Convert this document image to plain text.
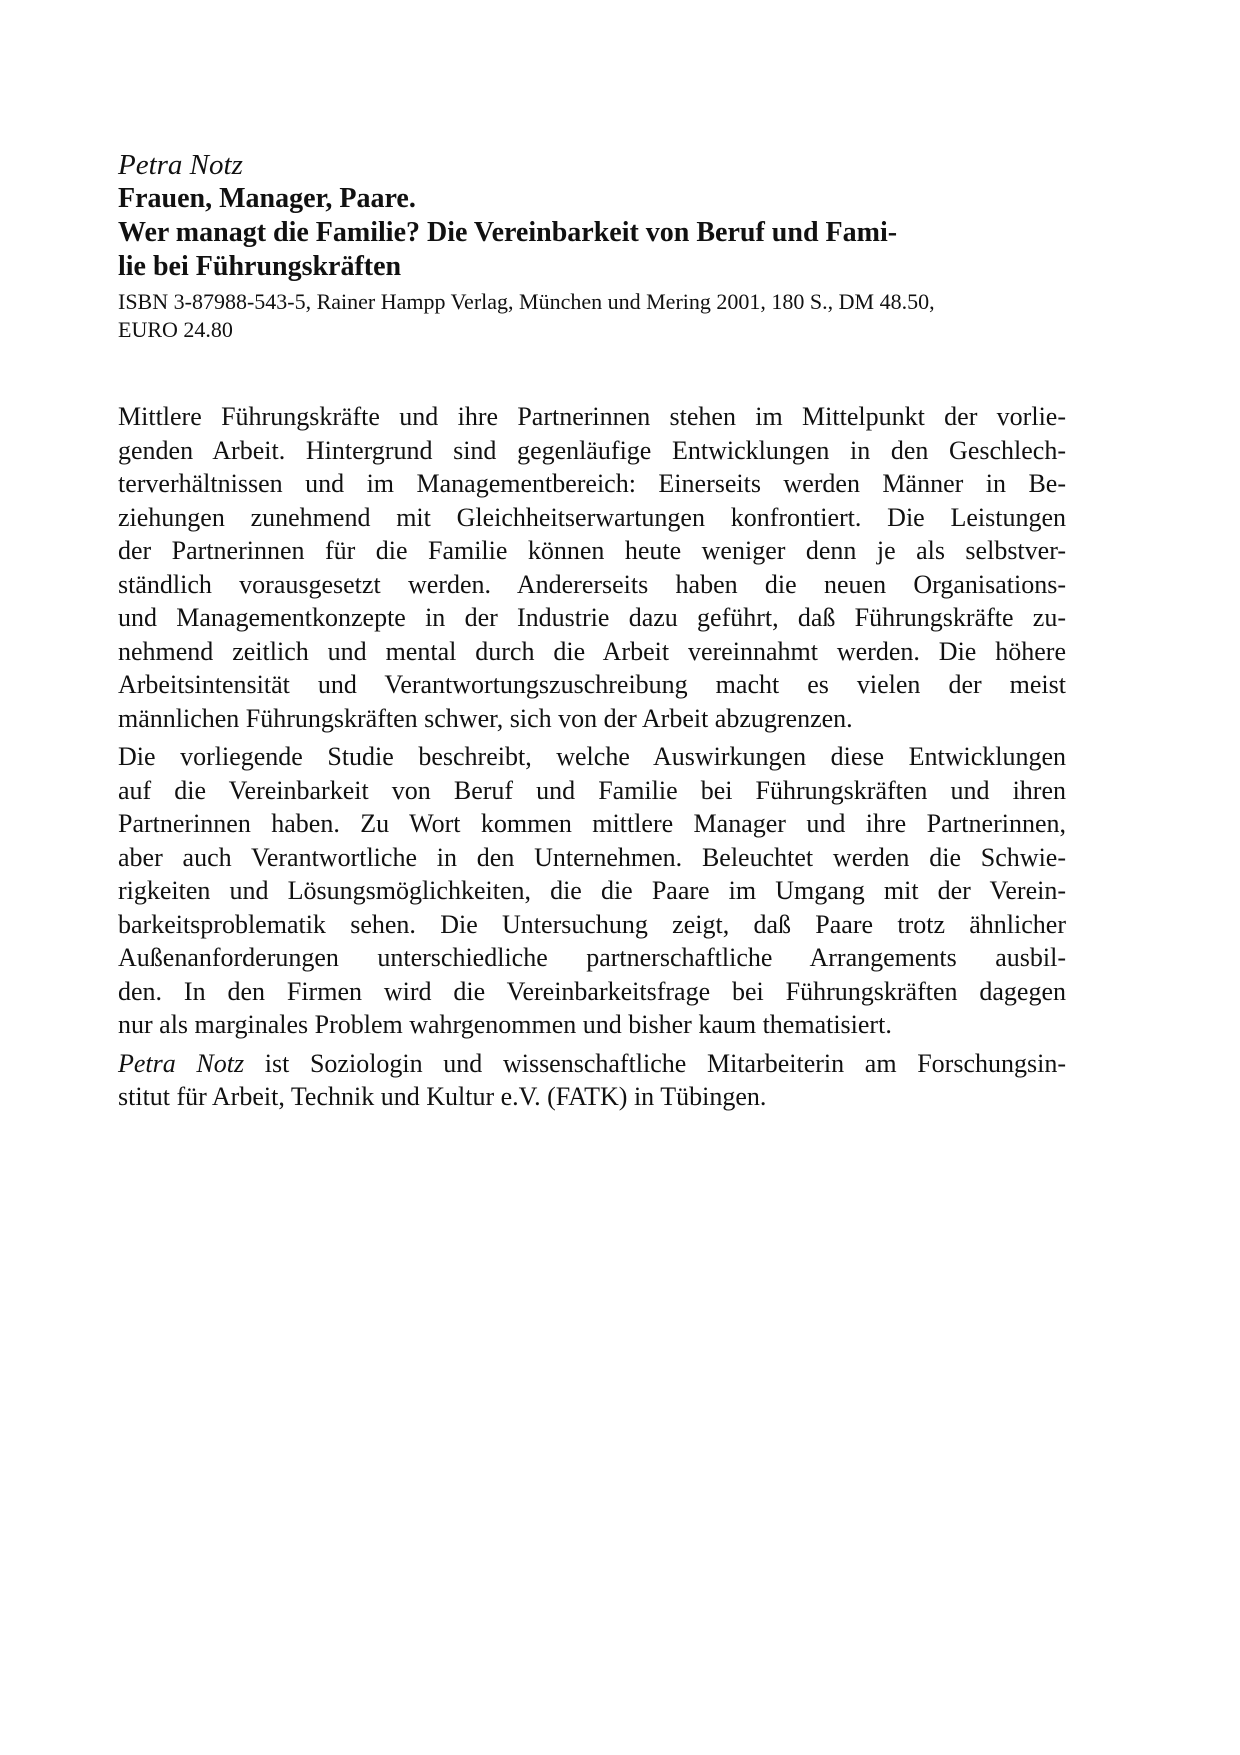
Petra Notz

Frauen, Manager, Paare.

Wer managt die Familie? Die Vereinbarkeit von Beruf und Fami-
lie bei Führungskräften

ISBN 3-87988-543-5, Rainer Hampp Verlag, München und Mering 2001, 180 S., DM 48.50,
EURO 24.80

Mittlere Führungskräfte und ihre Partnerinnen stehen im Mittelpunkt der vorlie-
genden Arbeit. Hintergrund sind gegenläufige Entwicklungen in den Geschlech-
terverhältnissen und im Managementbereich: Einerseits werden Männer in Be-
ziehungen zunehmend mit Gleichheitserwartungen konfrontiert. Die Leistungen
der Partnerinnen für die Familie können heute weniger denn je als selbstver-
ständlich vorausgesetzt werden. Andererseits haben die neuen Organisations-
und Managementkonzepte in der Industrie dazu geführt, daß Führungskräfte zu-
nehmend zeitlich und mental durch die Arbeit vereinnahmt werden. Die höhere
Arbeitsintensität und Verantwortungszuschreibung macht es vielen der meist
männlichen Führungskräften schwer, sich von der Arbeit abzugrenzen.

Die vorliegende Studie beschreibt, welche Auswirkungen diese Entwicklungen
auf die Vereinbarkeit von Beruf und Familie bei Führungskräften und ihren
Partnerinnen haben. Zu Wort kommen mittlere Manager und ihre Partnerinnen,
aber auch Verantwortliche in den Unternehmen. Beleuchtet werden die Schwie-
rigkeiten und Lösungsmöglichkeiten, die die Paare im Umgang mit der Verein-
barkeitsproblematik sehen. Die Untersuchung zeigt, daß Paare trotz ähnlicher
Außenanforderungen unterschiedliche partnerschaftliche Arrangements ausbil-
den. In den Firmen wird die Vereinbarkeitsfrage bei Führungskräften dagegen
nur als marginales Problem wahrgenommen und bisher kaum thematisiert.

Petra Notz ist Soziologin und wissenschaftliche Mitarbeiterin am Forschungsin-
stitut für Arbeit, Technik und Kultur e.V. (FATK) in Tübingen.
